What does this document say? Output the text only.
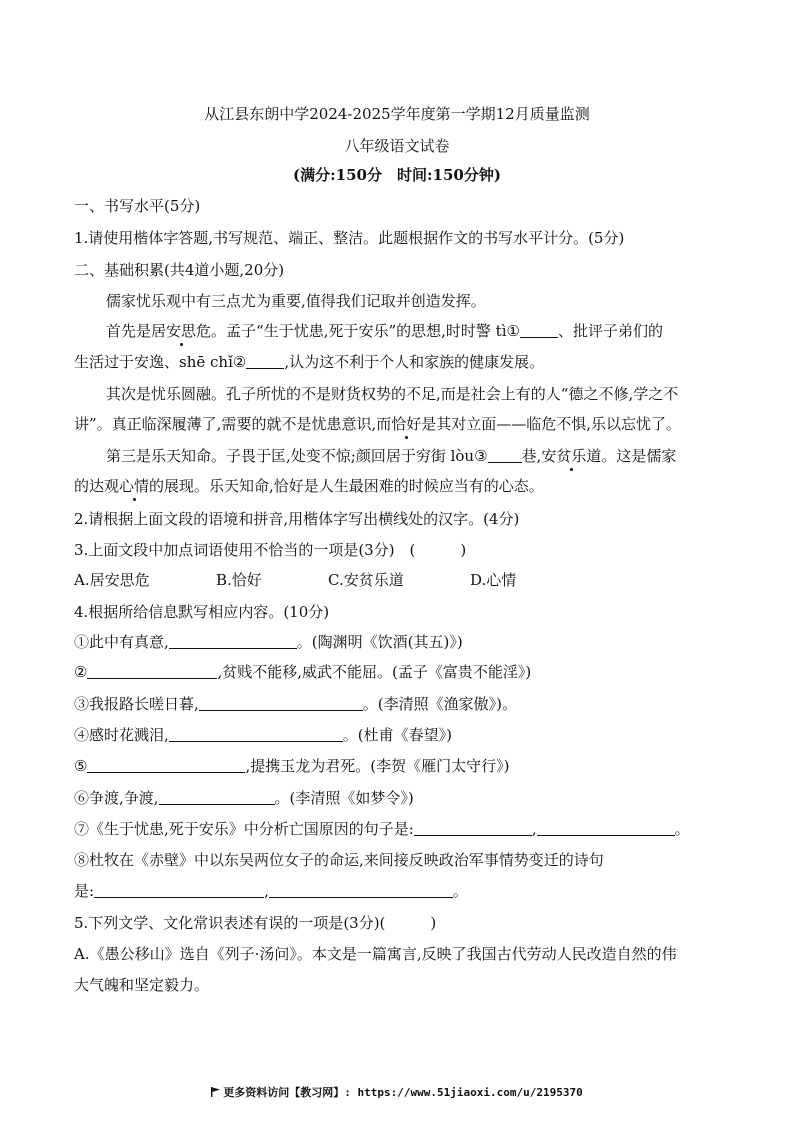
从江县东朗中学2024-2025学年度第一学期12月质量监测
八年级语文试卷
(满分:150分　时间:150分钟)
一、书写水平(5分)
1.请使用楷体字答题,书写规范、端正、整洁。此题根据作文的书写水平计分。(5分)
二、基础积累(共4道小题,20分)
儒家忧乐观中有三点尤为重要,值得我们记取并创造发挥。
首先是居安思危。孟子“生于忧患,死于安乐”的思想,时时警 tì①	、批评子弟们的
生活过于安逸、shē chǐ②	,认为这不利于个人和家族的健康发展。
其次是忧乐圆融。孔子所忧的不是财货权势的不足,而是社会上有的人“德之不修,学之不
讲”。真正临深履薄了,需要的就不是忧患意识,而恰好是其对立面——临危不惧,乐以忘忧了。
第三是乐天知命。子畏于匡,处变不惊;颜回居于穷街 lòu③ 巷,安贫乐道。这是儒家
的达观心情的展现。乐天知命,恰好是人生最困难的时候应当有的心态。
2.请根据上面文段的语境和拼音,用楷体字写出横线处的汉字。(4分)
3.上面文段中加点词语使用不恰当的一项是(3分)　(　　　)
A.居安思危	B.恰好	C.安贫乐道	D.心情
4.根据所给信息默写相应内容。(10分)
①此中有真意,	。(陶渊明《饮酒(其五)》)
②	,贫贱不能移,威武不能屈。(孟子《富贵不能淫》)
③我报路长嗟日暮,	。(李清照《渔家傲》)。
④感时花溅泪,	。(杜甫《春望》)
⑤	,提携玉龙为君死。(李贺《雁门太守行》)
⑥争渡,争渡,	。(李清照《如梦令》)
⑦《生于忧患,死于安乐》中分析亡国原因的句子是:	,	。
⑧杜牧在《赤壁》中以东吴两位女子的命运,来间接反映政治军事情势变迁的诗句
是:	,	。
5.下列文学、文化常识表述有误的一项是(3分)(　　　)
A.《愚公移山》选自《列子·汤问》。本文是一篇寓言,反映了我国古代劳动人民改造自然的伟
大气魄和坚定毅力。
更多资料访问【教习网】: https://www.51jiaoxi.com/u/2195370
